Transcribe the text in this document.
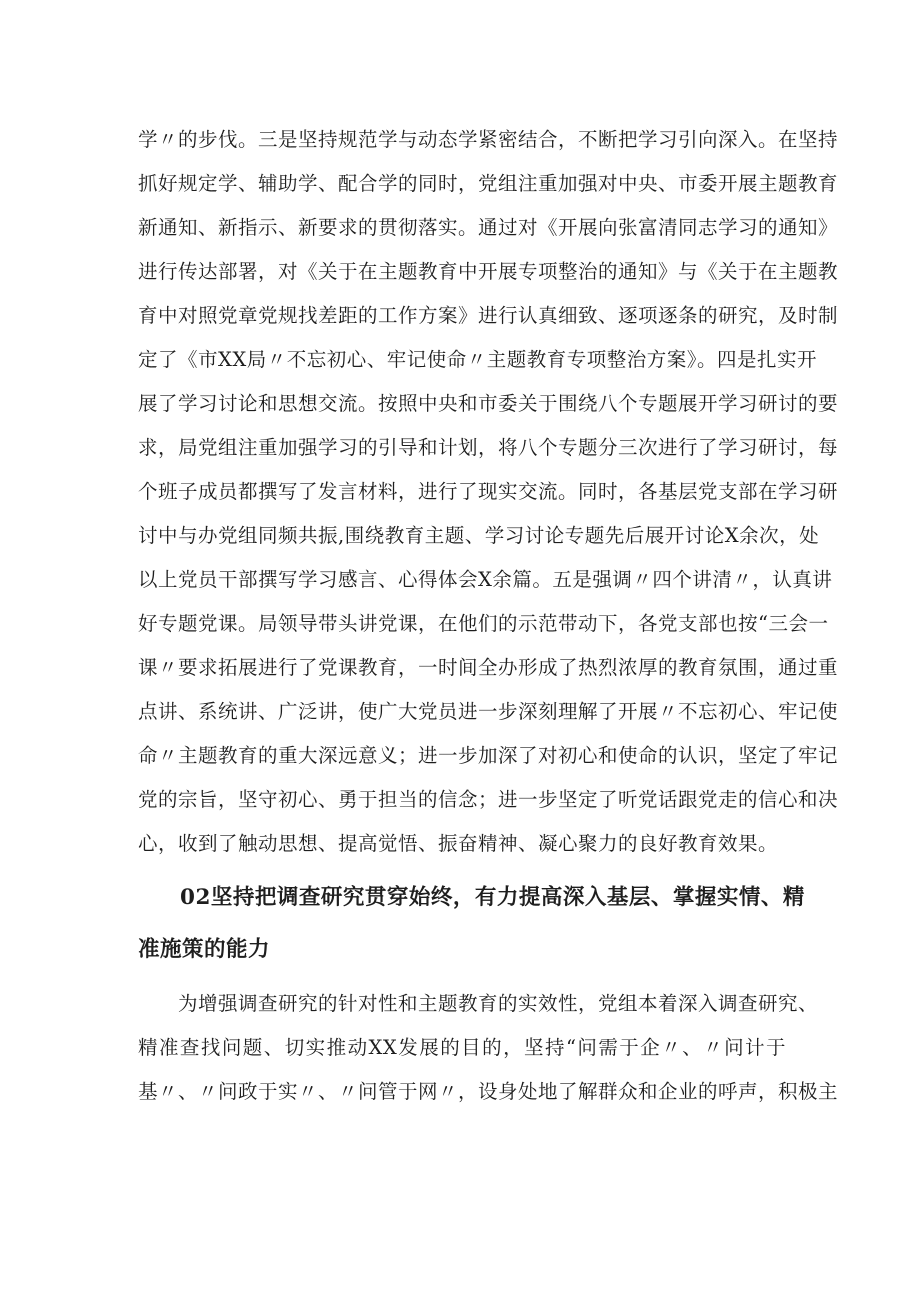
学〃的步伐。三是坚持规范学与动态学紧密结合，不断把学习引向深入。在坚持
抓好规定学、辅助学、配合学的同时，党组注重加强对中央、市委开展主题教育
新通知、新指示、新要求的贯彻落实。通过对《开展向张富清同志学习的通知》
进行传达部署，对《关于在主题教育中开展专项整治的通知》与《关于在主题教
育中对照党章党规找差距的工作方案》进行认真细致、逐项逐条的研究，及时制
定了《市XX局〃不忘初心、牢记使命〃主题教育专项整治方案》。四是扎实开
展了学习讨论和思想交流。按照中央和市委关于围绕八个专题展开学习研讨的要
求，局党组注重加强学习的引导和计划，将八个专题分三次进行了学习研讨，每
个班子成员都撰写了发言材料，进行了现实交流。同时，各基层党支部在学习研
讨中与办党组同频共振,围绕教育主题、学习讨论专题先后展开讨论X余次，处
以上党员干部撰写学习感言、心得体会X余篇。五是强调〃四个讲清〃，认真讲
好专题党课。局领导带头讲党课，在他们的示范带动下，各党支部也按“三会一
课〃要求拓展进行了党课教育，一时间全办形成了热烈浓厚的教育氛围，通过重
点讲、系统讲、广泛讲，使广大党员进一步深刻理解了开展〃不忘初心、牢记使
命〃主题教育的重大深远意义；进一步加深了对初心和使命的认识，坚定了牢记
党的宗旨，坚守初心、勇于担当的信念；进一步坚定了听党话跟党走的信心和决
心，收到了触动思想、提高觉悟、振奋精神、凝心聚力的良好教育效果。
02坚持把调查研究贯穿始终，有力提高深入基层、掌握实情、精
准施策的能力
为增强调查研究的针对性和主题教育的实效性，党组本着深入调查研究、
精准查找问题、切实推动XX发展的目的，坚持“问需于企〃、〃问计于
基〃、〃问政于实〃、〃问管于网〃，设身处地了解群众和企业的呼声，积极主
